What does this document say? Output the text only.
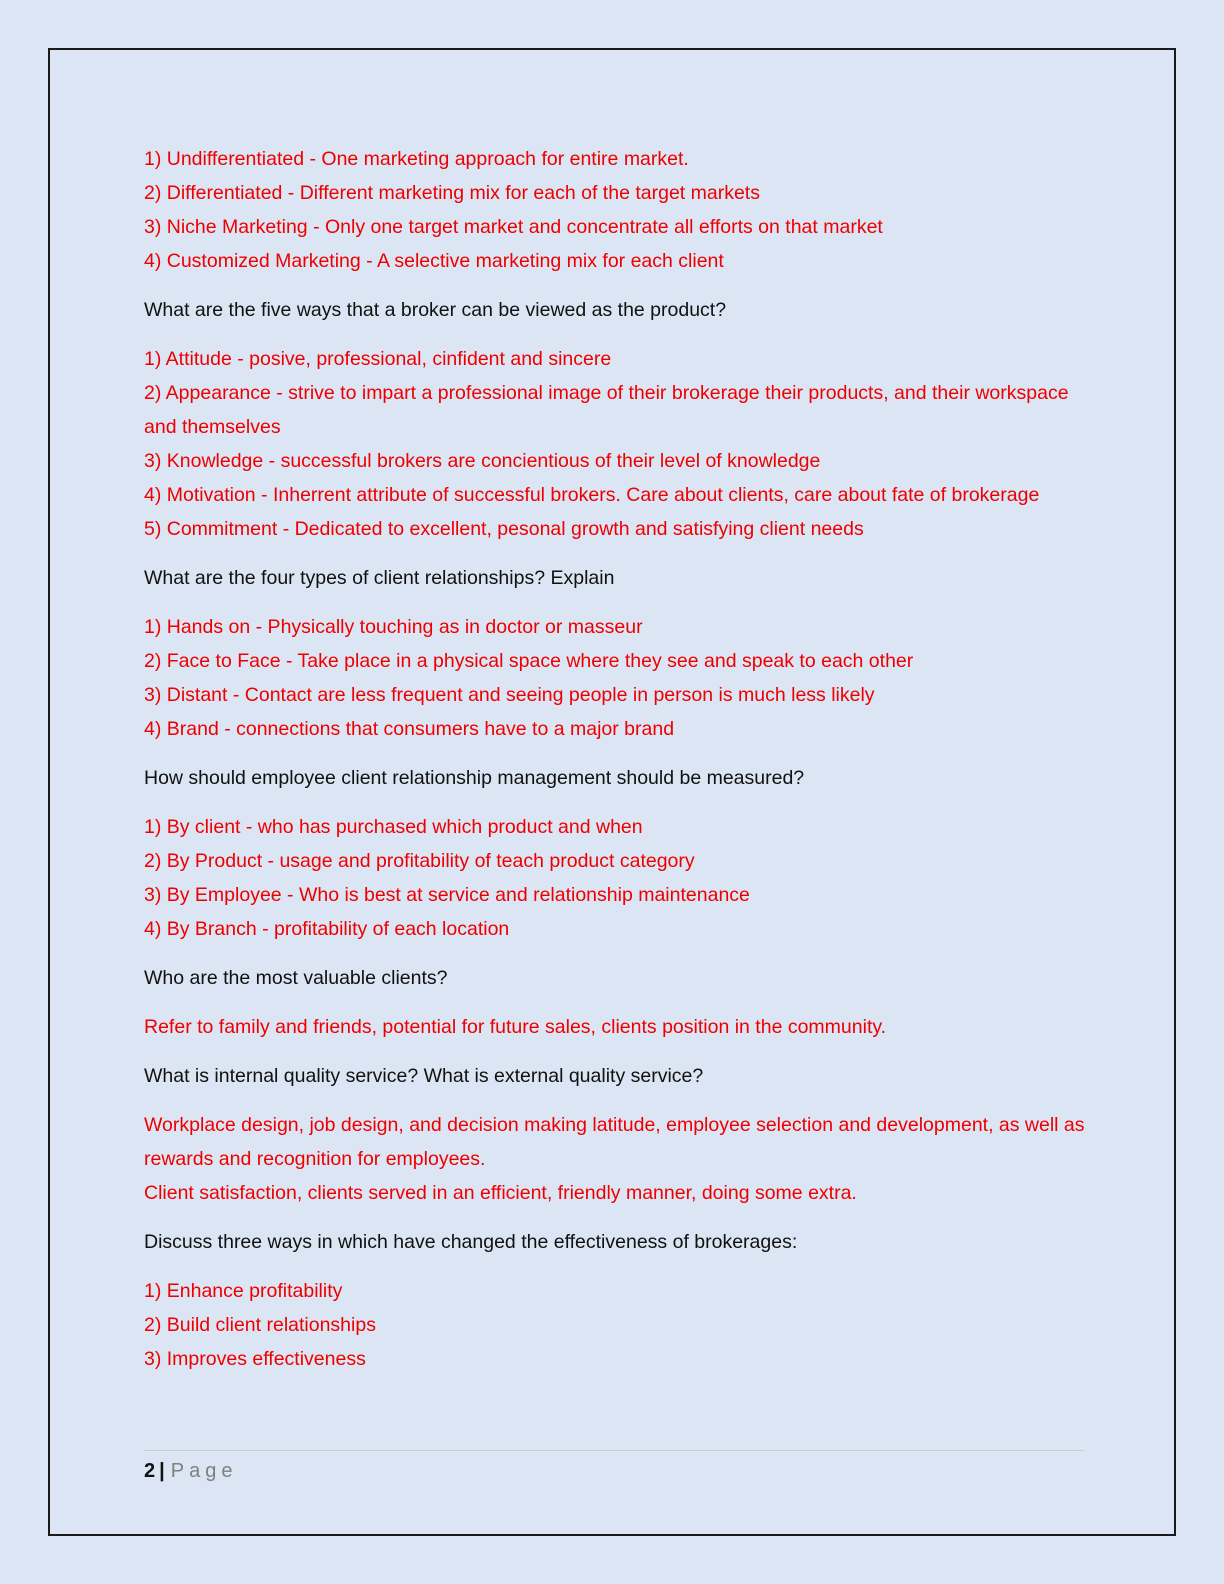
1) Undifferentiated - One marketing approach for entire market.

2) Differentiated - Different marketing mix for each of the target markets

3) Niche Marketing - Only one target market and concentrate all efforts on that market

4) Customized Marketing - A selective marketing mix for each client

What are the five ways that a broker can be viewed as the product?

1) Attitude - posive, professional, cinfident and sincere

2) Appearance - strive to impart a professional image of their brokerage their products, and their workspace and themselves

3) Knowledge - successful brokers are concientious of their level of knowledge

4) Motivation - Inherrent attribute of successful brokers. Care about clients, care about fate of brokerage

5) Commitment - Dedicated to excellent, pesonal growth and satisfying client needs

What are the four types of client relationships? Explain

1) Hands on - Physically touching as in doctor or masseur

2) Face to Face - Take place in a physical space where they see and speak to each other

3) Distant - Contact are less frequent and seeing people in person is much less likely

4) Brand - connections that consumers have to a major brand

How should employee client relationship management should be measured?

1) By client - who has purchased which product and when

2) By Product - usage and profitability of teach product category

3) By Employee - Who is best at service and relationship maintenance

4) By Branch - profitability of each location

Who are the most valuable clients?

Refer to family and friends, potential for future sales, clients position in the community.

What is internal quality service? What is external quality service?

Workplace design, job design, and decision making latitude, employee selection and development, as well as rewards and recognition for employees.

Client satisfaction, clients served in an efficient, friendly manner, doing some extra.

Discuss three ways in which have changed the effectiveness of brokerages:

1) Enhance profitability

2) Build client relationships

3) Improves effectiveness

2 | Page
